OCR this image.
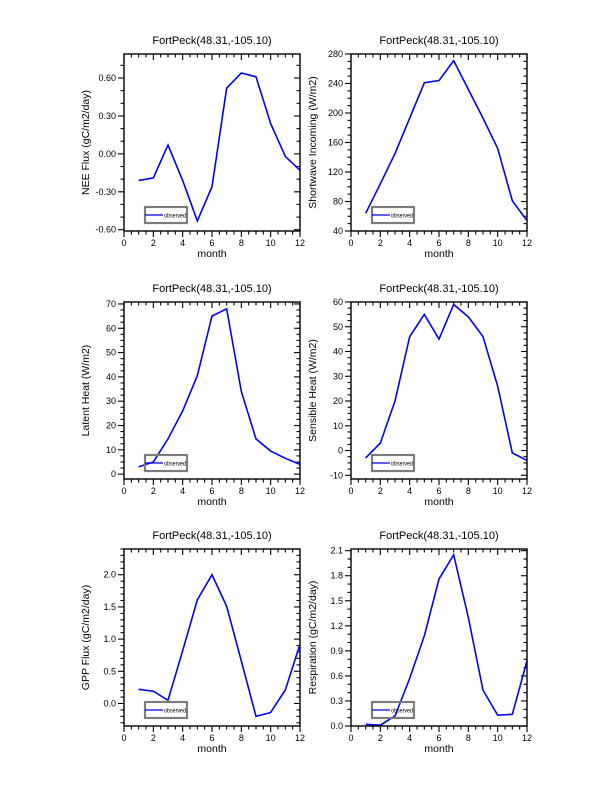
FortPeck(48.31,-105.10)
0	2	4	6	8 10 12
-0.60
-0.30
0.00
0.30
0.60
month
NEE Flux (gC/m2/day)
observed
FortPeck(48.31,-105.10)
0	2	4	6	8 10 12
40
80
120
160
200
240
280
month
Shortwave Incoming (W/m2)
observed
FortPeck(48.31,-105.10)
0	2	4	6	8 10 12
0
10
20
30
40
50
60
70
month
Latent Heat (W/m2)
observed
FortPeck(48.31,-105.10)
0	2	4	6	8 10 12
-10
0
10
20
30
40
50
60
month
Sensible Heat (W/m2)
observed
FortPeck(48.31,-105.10)
0	2	4	6	8 10 12
0.0
0.5
1.0
1.5
2.0
month
GPP Flux (gC/m2/day)
observed
FortPeck(48.31,-105.10)
0	2	4	6	8 10 12
0.0
0.3
0.6
0.9
1.2
1.5
1.8
2.1
month
Respiration (gC/m2/day)
observed
